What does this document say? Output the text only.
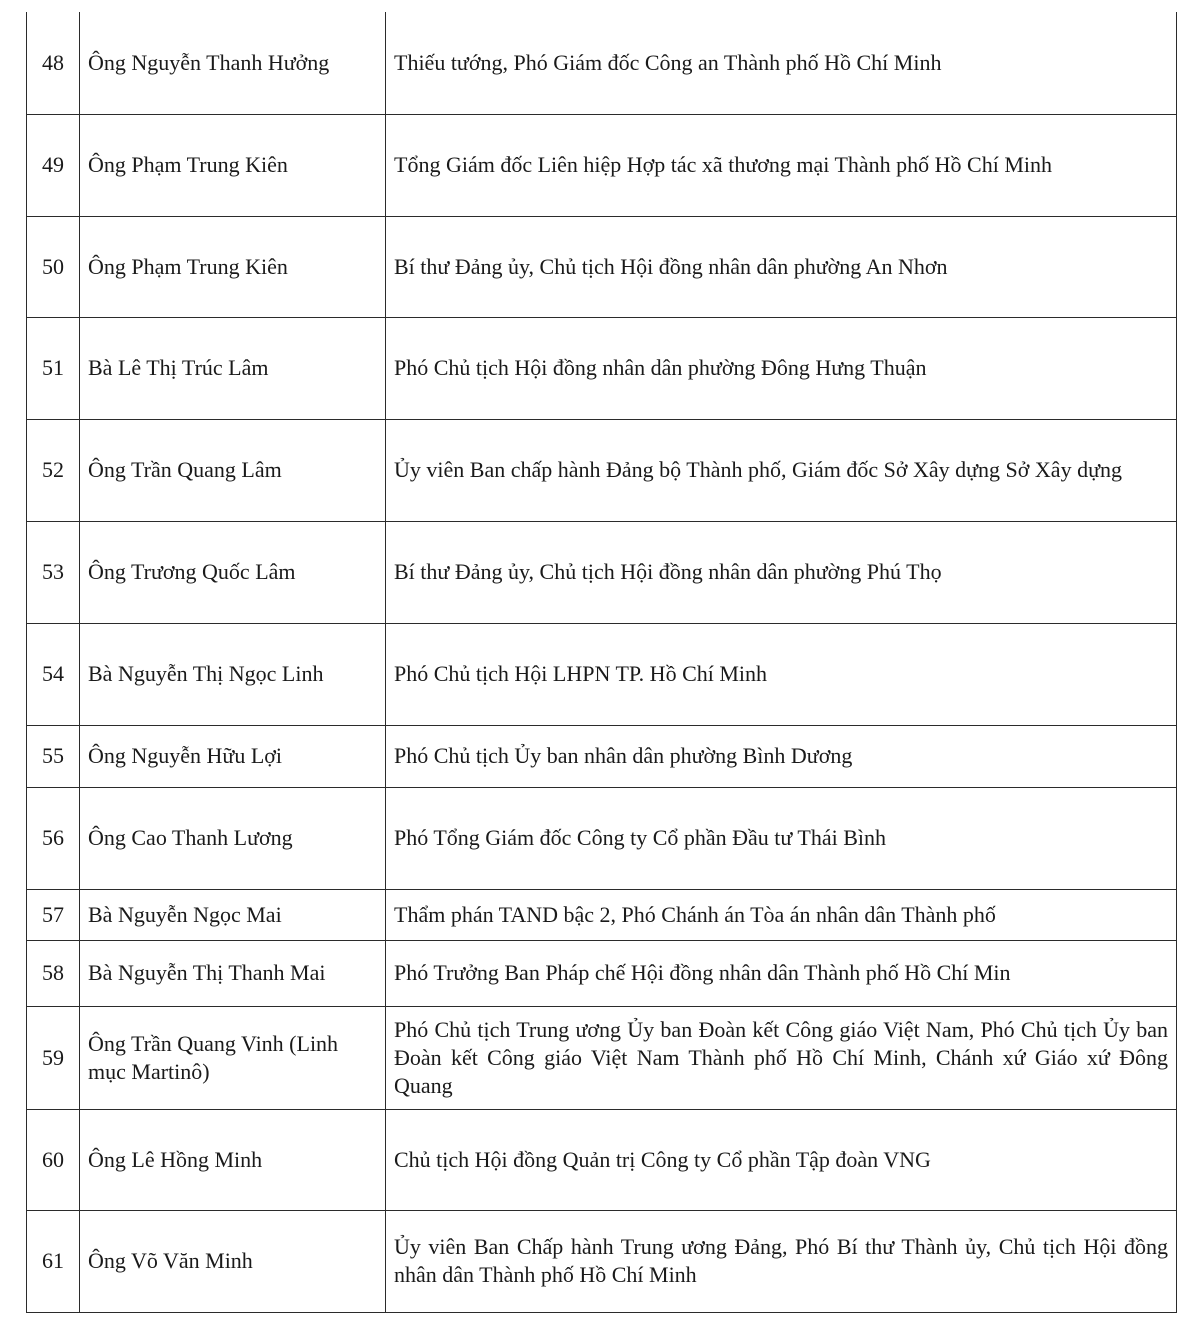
48	Ông Nguyễn Thanh Hưởng	Thiếu tướng, Phó Giám đốc Công an Thành phố Hồ Chí Minh
49	Ông Phạm Trung Kiên	Tổng Giám đốc Liên hiệp Hợp tác xã thương mại Thành phố Hồ Chí Minh
50	Ông Phạm Trung Kiên	Bí thư Đảng ủy, Chủ tịch Hội đồng nhân dân phường An Nhơn
51	Bà Lê Thị Trúc Lâm	Phó Chủ tịch Hội đồng nhân dân phường Đông Hưng Thuận
52	Ông Trần Quang Lâm	Ủy viên Ban chấp hành Đảng bộ Thành phố, Giám đốc Sở Xây dựng Sở Xây dựng
53	Ông Trương Quốc Lâm	Bí thư Đảng ủy, Chủ tịch Hội đồng nhân dân phường Phú Thọ
54	Bà Nguyễn Thị Ngọc Linh	Phó Chủ tịch Hội LHPN TP. Hồ Chí Minh
55	Ông Nguyễn Hữu Lợi	Phó Chủ tịch Ủy ban nhân dân phường Bình Dương
56	Ông Cao Thanh Lương	Phó Tổng Giám đốc Công ty Cổ phần Đầu tư Thái Bình
57	Bà Nguyễn Ngọc Mai	Thẩm phán TAND bậc 2, Phó Chánh án Tòa án nhân dân Thành phố
58	Bà Nguyễn Thị Thanh Mai	Phó Trưởng Ban Pháp chế Hội đồng nhân dân Thành phố Hồ Chí Min
59	Ông Trần Quang Vinh (Linh mục Martinô)	Phó Chủ tịch Trung ương Ủy ban Đoàn kết Công giáo Việt Nam, Phó Chủ tịch Ủy ban Đoàn kết Công giáo Việt Nam Thành phố Hồ Chí Minh, Chánh xứ Giáo xứ Đông Quang
60	Ông Lê Hồng Minh	Chủ tịch Hội đồng Quản trị Công ty Cổ phần Tập đoàn VNG
61	Ông Võ Văn Minh	Ủy viên Ban Chấp hành Trung ương Đảng, Phó Bí thư Thành ủy, Chủ tịch Hội đồng nhân dân Thành phố Hồ Chí Minh
